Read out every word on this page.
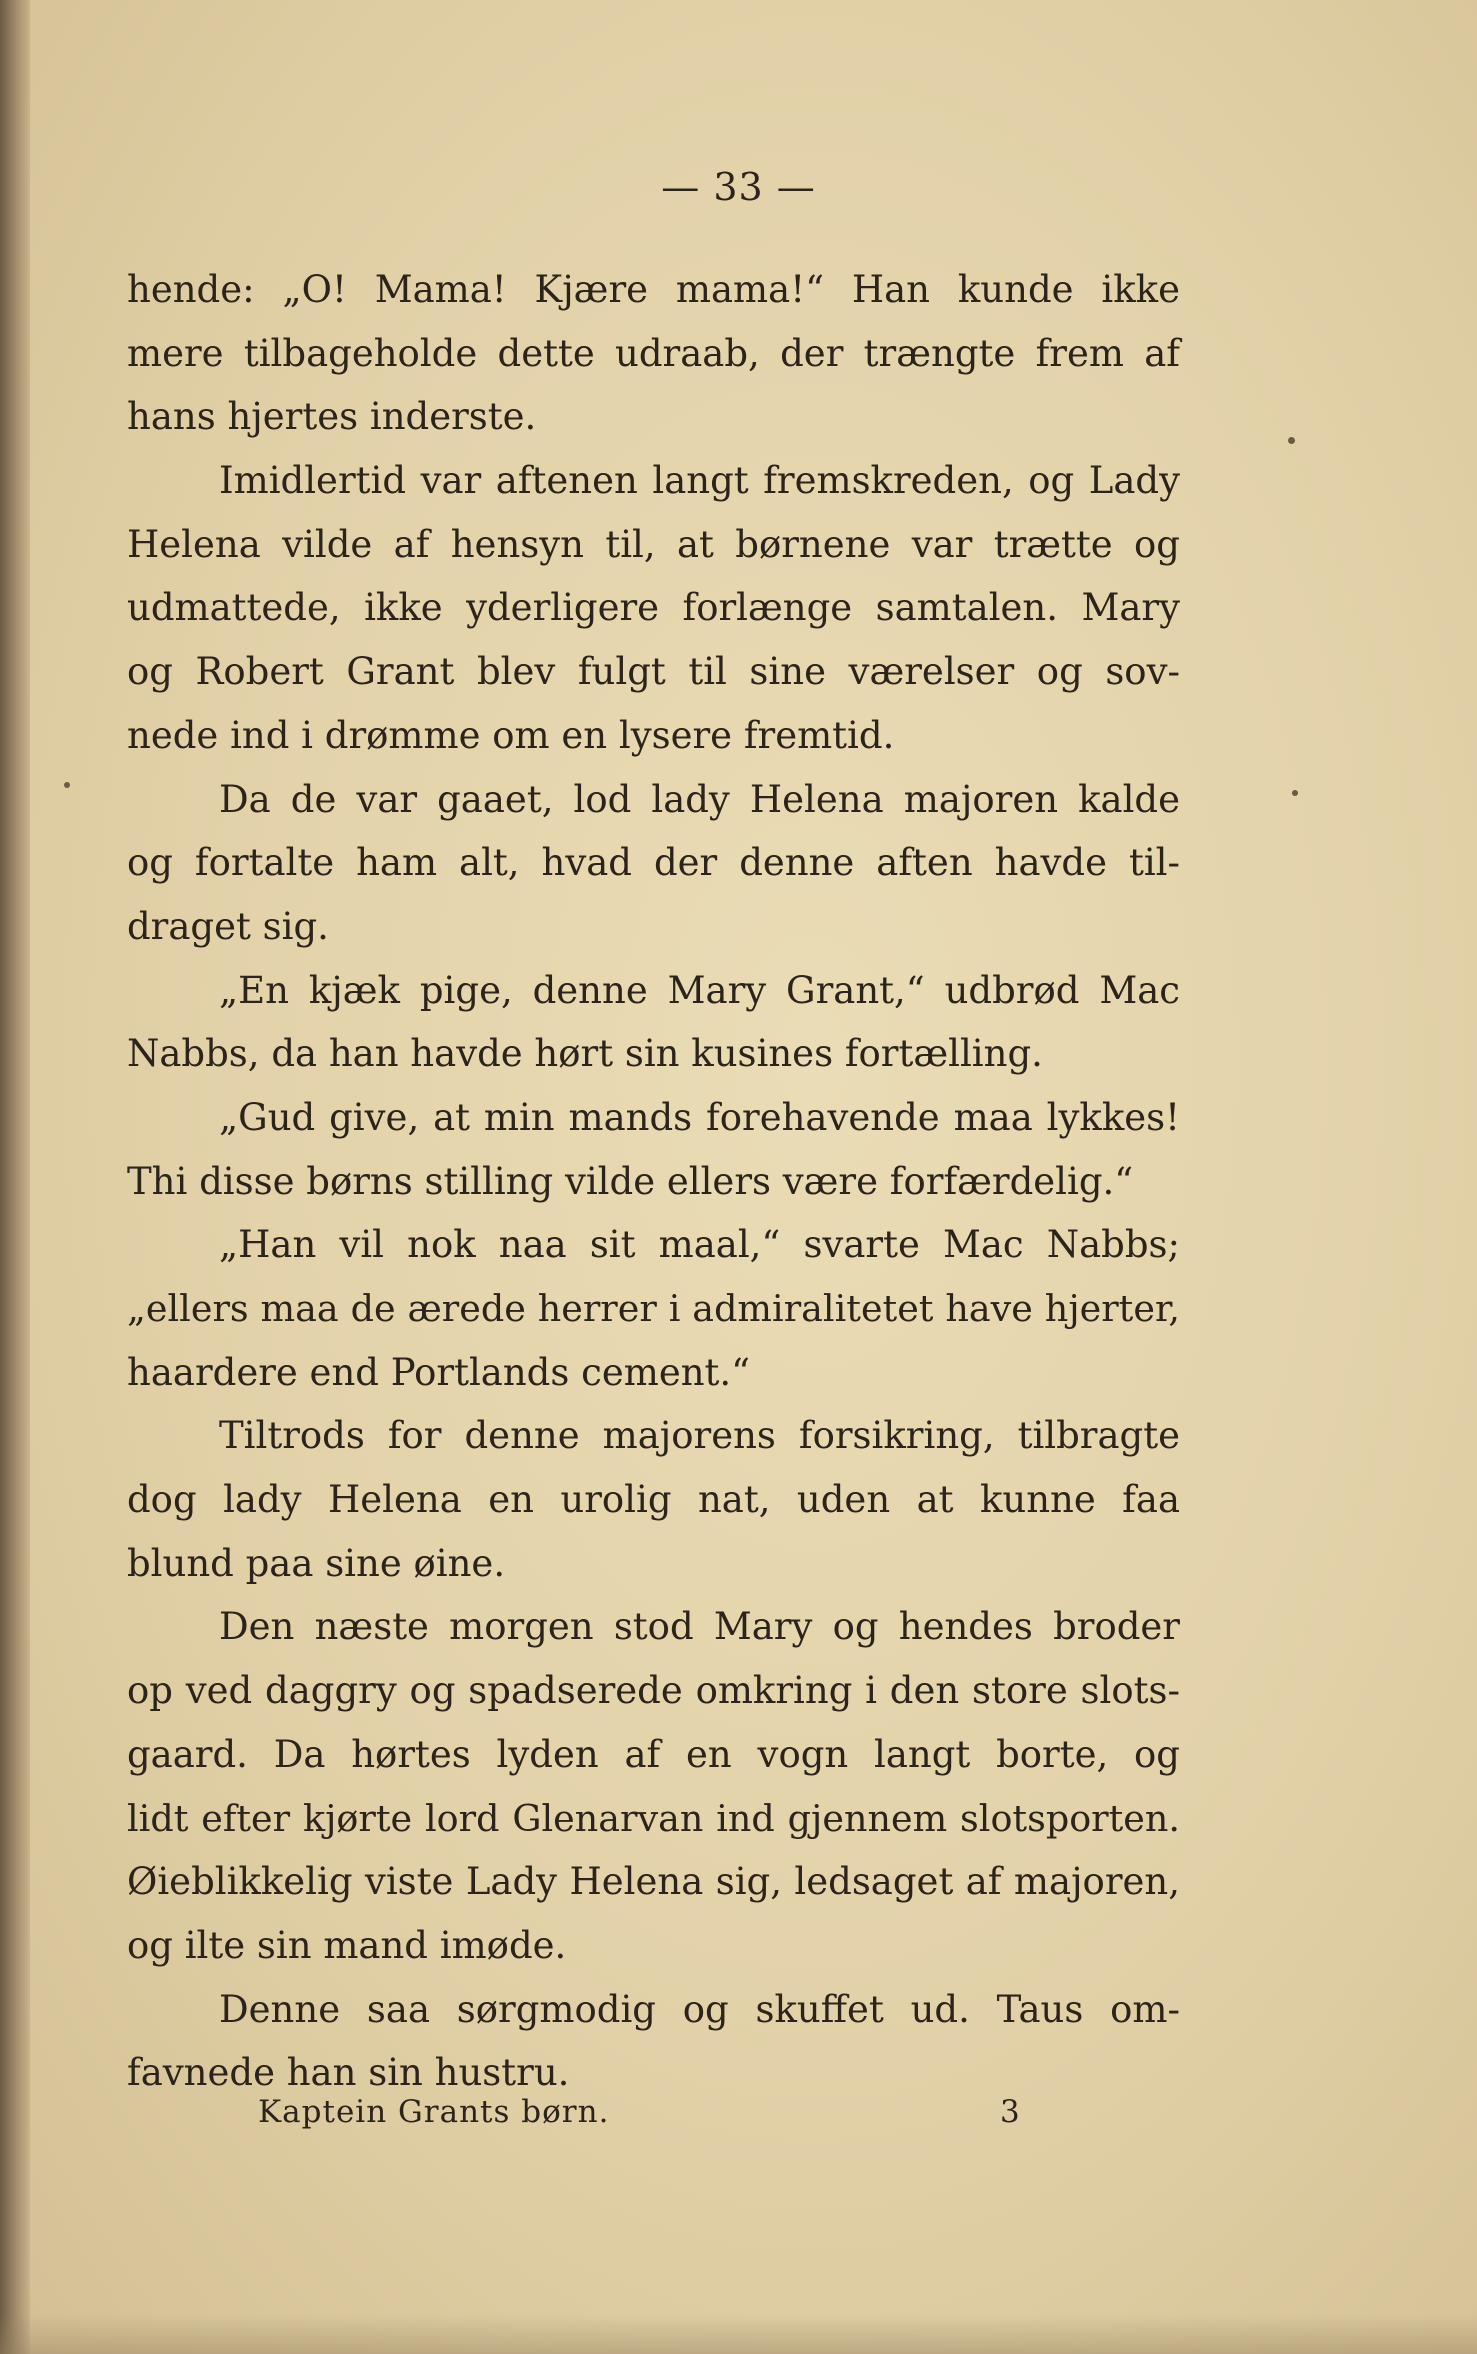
— 33 —
hende: „O! Mama! Kjære mama!“ Han kunde ikke
mere tilbageholde dette udraab, der trængte frem af
hans hjertes inderste.
Imidlertid var aftenen langt fremskreden, og Lady
Helena vilde af hensyn til, at børnene var trætte og
udmattede, ikke yderligere forlænge samtalen. Mary
og Robert Grant blev fulgt til sine værelser og sov-
nede ind i drømme om en lysere fremtid.
Da de var gaaet, lod lady Helena majoren kalde
og fortalte ham alt, hvad der denne aften havde til-
draget sig.
„En kjæk pige, denne Mary Grant,“ udbrød Mac
Nabbs, da han havde hørt sin kusines fortælling.
„Gud give, at min mands forehavende maa lykkes!
Thi disse børns stilling vilde ellers være forfærdelig.“
„Han vil nok naa sit maal,“ svarte Mac Nabbs;
„ellers maa de ærede herrer i admiralitetet have hjerter,
haardere end Portlands cement.“
Tiltrods for denne majorens forsikring, tilbragte
dog lady Helena en urolig nat, uden at kunne faa
blund paa sine øine.
Den næste morgen stod Mary og hendes broder
op ved daggry og spadserede omkring i den store slots-
gaard. Da hørtes lyden af en vogn langt borte, og
lidt efter kjørte lord Glenarvan ind gjennem slotsporten.
Øieblikkelig viste Lady Helena sig, ledsaget af majoren,
og ilte sin mand imøde.
Denne saa sørgmodig og skuffet ud. Taus om-
favnede han sin hustru.
Kaptein Grants børn.	3
